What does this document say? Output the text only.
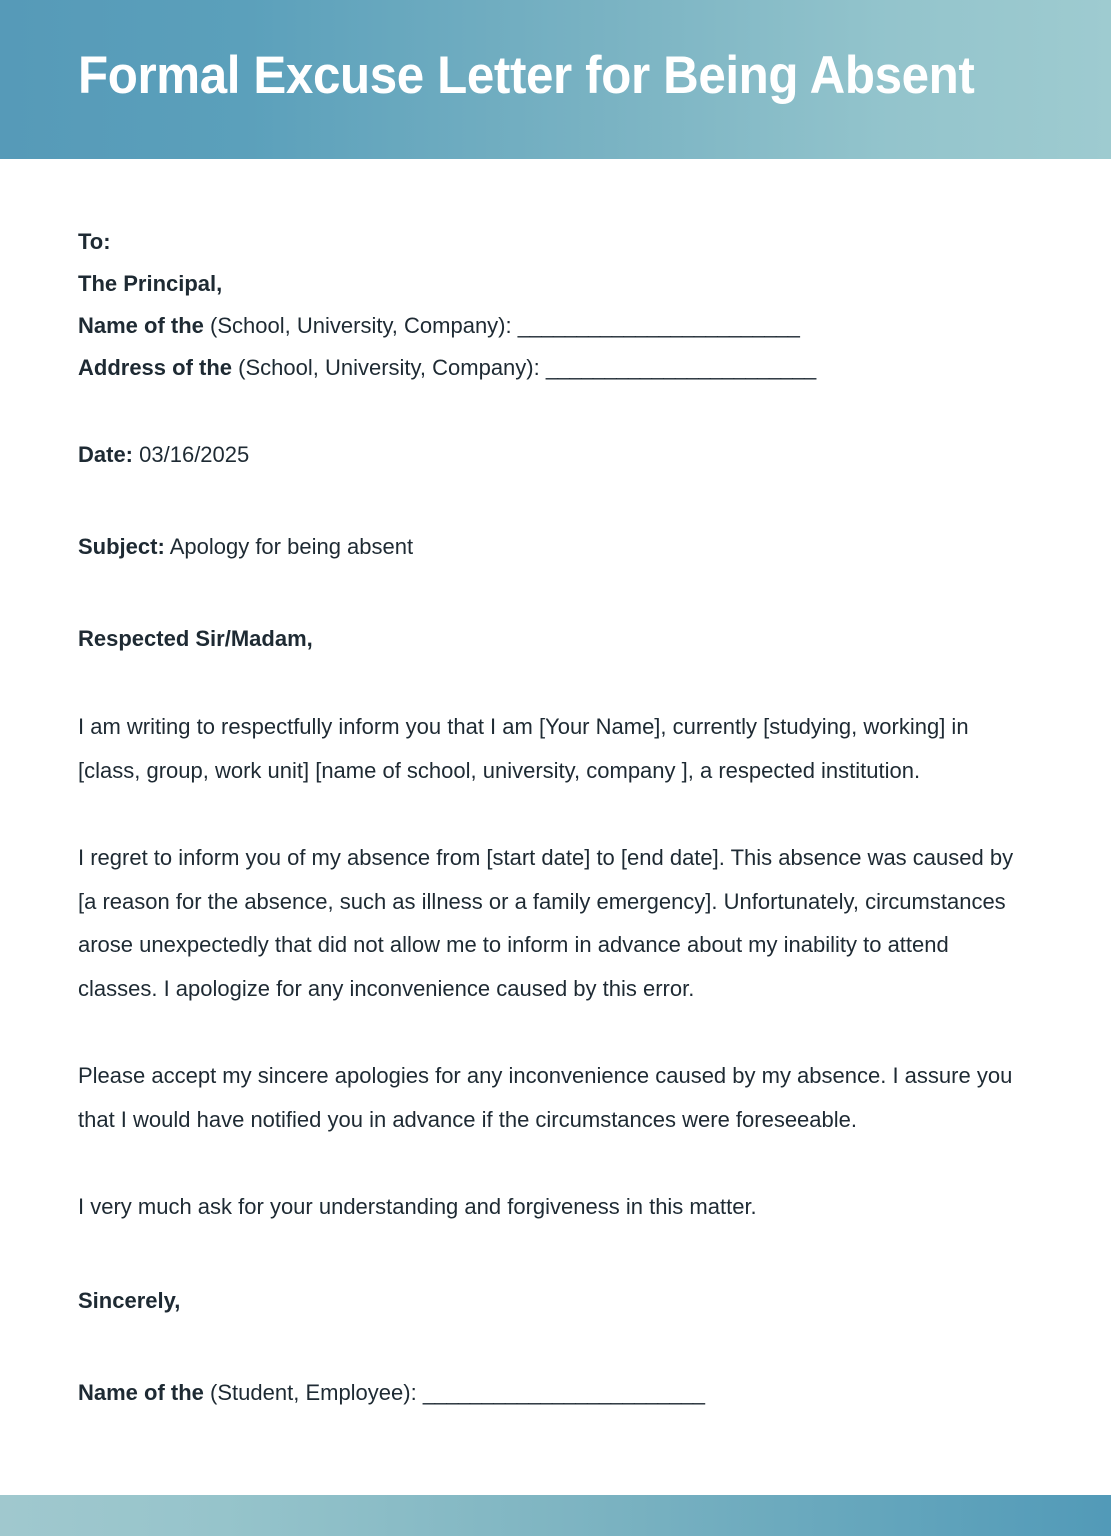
Formal Excuse Letter for Being Absent
To:
The Principal,
Name of the (School, University, Company): ________________________
Address of the (School, University, Company): _______________________
Date: 03/16/2025
Subject: Apology for being absent
Respected Sir/Madam,

I am writing to respectfully inform you that I am [Your Name], currently [studying, working] in [class, group, work unit] [name of school, university, company ], a respected institution.

I regret to inform you of my absence from [start date] to [end date]. This absence was caused by [a reason for the absence, such as illness or a family emergency]. Unfortunately, circumstances arose unexpectedly that did not allow me to inform in advance about my inability to attend classes. I apologize for any inconvenience caused by this error.

Please accept my sincere apologies for any inconvenience caused by my absence. I assure you that I would have notified you in advance if the circumstances were foreseeable.

I very much ask for your understanding and forgiveness in this matter.

Sincerely,
Name of the (Student, Employee): ________________________
